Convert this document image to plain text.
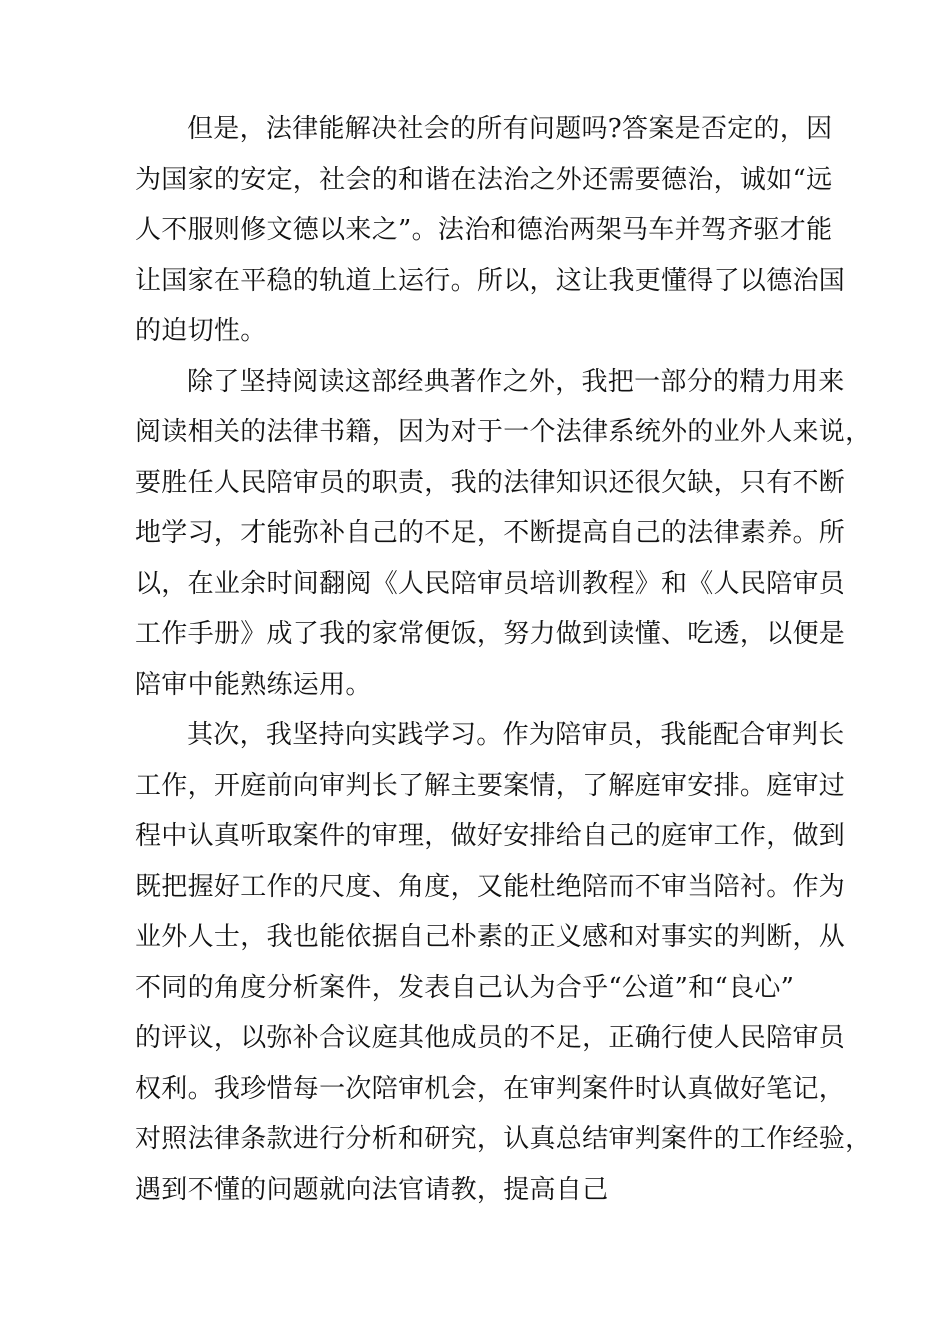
但是，法律能解决社会的所有问题吗?答案是否定的，因
为国家的安定，社会的和谐在法治之外还需要德治，诚如“远
人不服则修文德以来之”。法治和德治两架马车并驾齐驱才能
让国家在平稳的轨道上运行。所以，这让我更懂得了以德治国
的迫切性。
除了坚持阅读这部经典著作之外，我把一部分的精力用来
阅读相关的法律书籍，因为对于一个法律系统外的业外人来说，
要胜任人民陪审员的职责，我的法律知识还很欠缺，只有不断
地学习，才能弥补自己的不足，不断提高自己的法律素养。所
以，在业余时间翻阅《人民陪审员培训教程》和《人民陪审员
工作手册》成了我的家常便饭，努力做到读懂、吃透，以便是
陪审中能熟练运用。
其次，我坚持向实践学习。作为陪审员，我能配合审判长
工作，开庭前向审判长了解主要案情，了解庭审安排。庭审过
程中认真听取案件的审理，做好安排给自己的庭审工作，做到
既把握好工作的尺度、角度，又能杜绝陪而不审当陪衬。作为
业外人士，我也能依据自己朴素的正义感和对事实的判断，从
不同的角度分析案件，发表自己认为合乎“公道”和“良心”
的评议，以弥补合议庭其他成员的不足，正确行使人民陪审员
权利。我珍惜每一次陪审机会，在审判案件时认真做好笔记，
对照法律条款进行分析和研究，认真总结审判案件的工作经验，
遇到不懂的问题就向法官请教，提高自己
